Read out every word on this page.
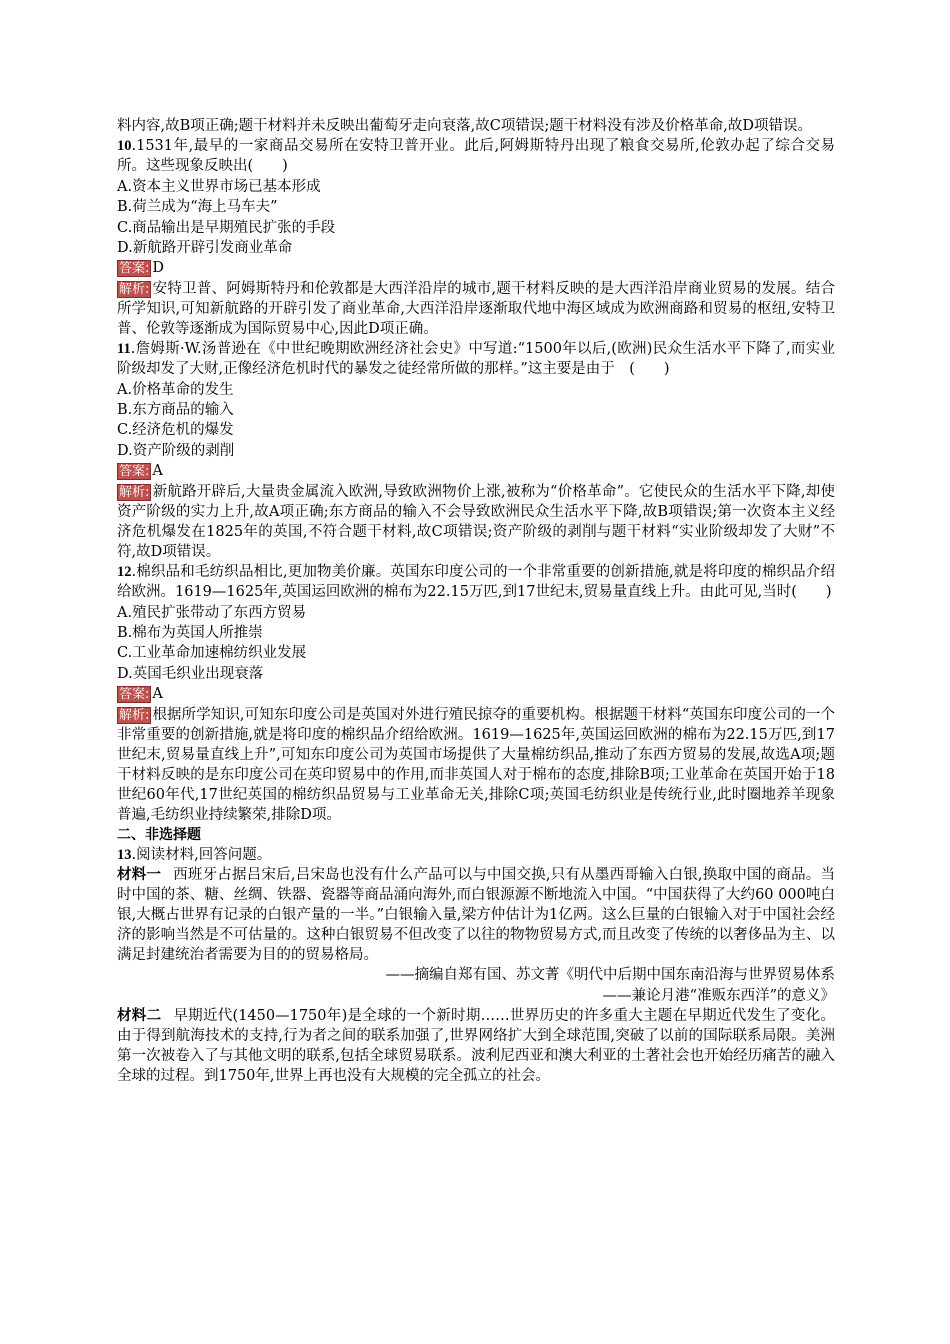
料内容,故B项正确;题干材料并未反映出葡萄牙走向衰落,故C项错误;题干材料没有涉及价格革命,故D项错误。

10.1531年,最早的一家商品交易所在安特卫普开业。此后,阿姆斯特丹出现了粮食交易所,伦敦办起了综合交易所。这些现象反映出(　　)

A.资本主义世界市场已基本形成

B.荷兰成为“海上马车夫”

C.商品输出是早期殖民扩张的手段

D.新航路开辟引发商业革命

答案: D

解析: 安特卫普、阿姆斯特丹和伦敦都是大西洋沿岸的城市,题干材料反映的是大西洋沿岸商业贸易的发展。结合所学知识,可知新航路的开辟引发了商业革命,大西洋沿岸逐渐取代地中海区域成为欧洲商路和贸易的枢纽,安特卫普、伦敦等逐渐成为国际贸易中心,因此D项正确。

11.詹姆斯·W.汤普逊在《中世纪晚期欧洲经济社会史》中写道:“1500年以后,(欧洲)民众生活水平下降了,而实业阶级却发了大财,正像经济危机时代的暴发之徒经常所做的那样。”这主要是由于　(　　)

A.价格革命的发生

B.东方商品的输入

C.经济危机的爆发

D.资产阶级的剥削

答案: A

解析: 新航路开辟后,大量贵金属流入欧洲,导致欧洲物价上涨,被称为“价格革命”。它使民众的生活水平下降,却使资产阶级的实力上升,故A项正确;东方商品的输入不会导致欧洲民众生活水平下降,故B项错误;第一次资本主义经济危机爆发在1825年的英国,不符合题干材料,故C项错误;资产阶级的剥削与题干材料“实业阶级却发了大财”不符,故D项错误。

12.棉织品和毛纺织品相比,更加物美价廉。英国东印度公司的一个非常重要的创新措施,就是将印度的棉织品介绍给欧洲。1619—1625年,英国运回欧洲的棉布为22.15万匹,到17世纪末,贸易量直线上升。由此可见,当时(　　)

A.殖民扩张带动了东西方贸易

B.棉布为英国人所推崇

C.工业革命加速棉纺织业发展

D.英国毛织业出现衰落

答案: A

解析: 根据所学知识,可知东印度公司是英国对外进行殖民掠夺的重要机构。根据题干材料“英国东印度公司的一个非常重要的创新措施,就是将印度的棉织品介绍给欧洲。1619—1625年,英国运回欧洲的棉布为22.15万匹,到17世纪末,贸易量直线上升”,可知东印度公司为英国市场提供了大量棉纺织品,推动了东西方贸易的发展,故选A项;题干材料反映的是东印度公司在英印贸易中的作用,而非英国人对于棉布的态度,排除B项;工业革命在英国开始于18世纪60年代,17世纪英国的棉纺织品贸易与工业革命无关,排除C项;英国毛纺织业是传统行业,此时圈地养羊现象普遍,毛纺织业持续繁荣,排除D项。

二、非选择题

13.阅读材料,回答问题。

材料一 西班牙占据吕宋后,吕宋岛也没有什么产品可以与中国交换,只有从墨西哥输入白银,换取中国的商品。当时中国的茶、糖、丝绸、铁器、瓷器等商品涌向海外,而白银源源不断地流入中国。“中国获得了大约60 000吨白银,大概占世界有记录的白银产量的一半。”白银输入量,梁方仲估计为1亿两。这么巨量的白银输入对于中国社会经济的影响当然是不可估量的。这种白银贸易不但改变了以往的物物贸易方式,而且改变了传统的以奢侈品为主、以满足封建统治者需要为目的的贸易格局。

——摘编自郑有国、苏文菁《明代中后期中国东南沿海与世界贸易体系

——兼论月港“准贩东西洋”的意义》

材料二 早期近代(1450—1750年)是全球的一个新时期……世界历史的许多重大主题在早期近代发生了变化。由于得到航海技术的支持,行为者之间的联系加强了,世界网络扩大到全球范围,突破了以前的国际联系局限。美洲第一次被卷入了与其他文明的联系,包括全球贸易联系。波利尼西亚和澳大利亚的土著社会也开始经历痛苦的融入全球的过程。到1750年,世界上再也没有大规模的完全孤立的社会。
